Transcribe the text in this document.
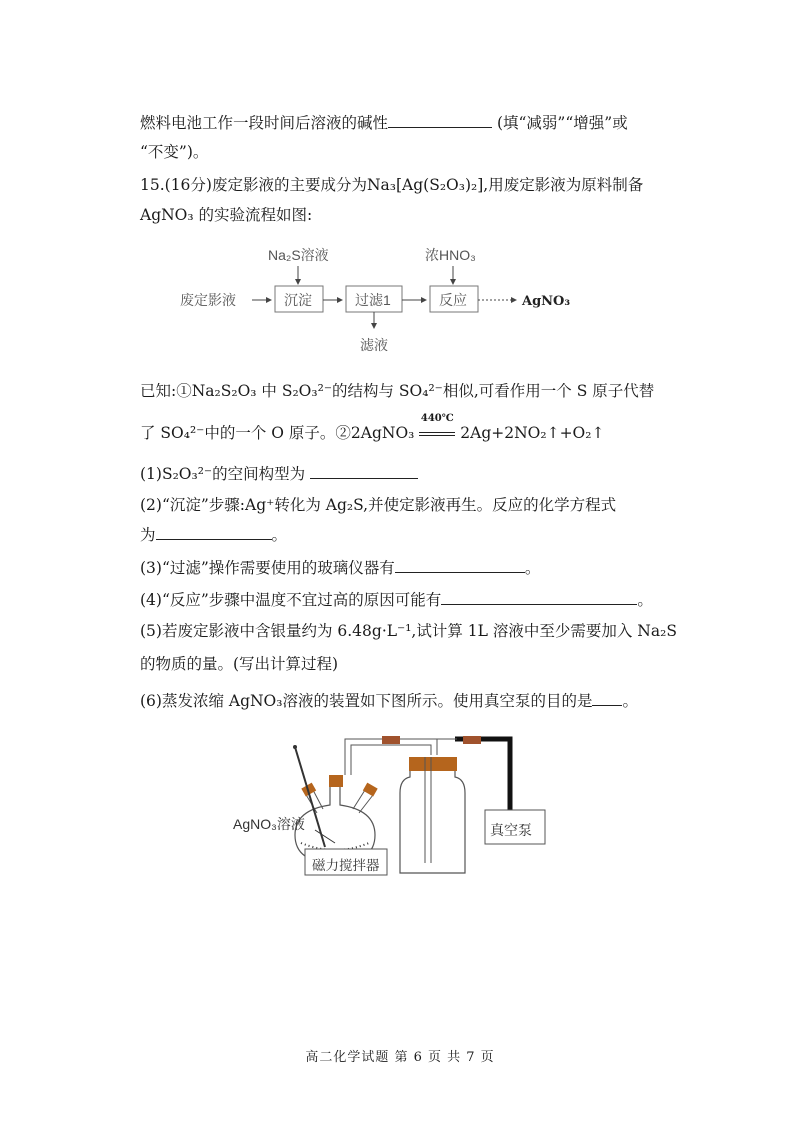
燃料电池工作一段时间后溶液的碱性	(填“减弱”“增强”或
“不变”)。
15.(16分)废定影液的主要成分为Na₃[Ag(S₂O₃)₂],用废定影液为原料制备
AgNO₃ 的实验流程如图:
Na₂S溶液	浓HNO₃
废定影液	沉淀	过滤1
滤液
反应	AgNO₃
已知:①Na₂S₂O₃ 中 S₂O₃²⁻的结构与 SO₄²⁻相似,可看作用一个 S 原子代替
了 SO₄²⁻中的一个 O 原子。②2AgNO₃
440℃
2Ag+2NO₂↑+O₂↑
(1)S₂O₃²⁻的空间构型为
(2)“沉淀”步骤:Ag⁺转化为 Ag₂S,并使定影液再生。反应的化学方程式
为	。
(3)“过滤”操作需要使用的玻璃仪器有	。
(4)“反应”步骤中温度不宜过高的原因可能有	。
(5)若废定影液中含银量约为 6.48g·L⁻¹,试计算 1L 溶液中至少需要加入 Na₂S
的物质的量。(写出计算过程)
(6)蒸发浓缩 AgNO₃溶液的装置如下图所示。使用真空泵的目的是 。
AgNO₃溶液
磁力搅拌器
真空泵
高二化学试题 第 6 页 共 7 页
